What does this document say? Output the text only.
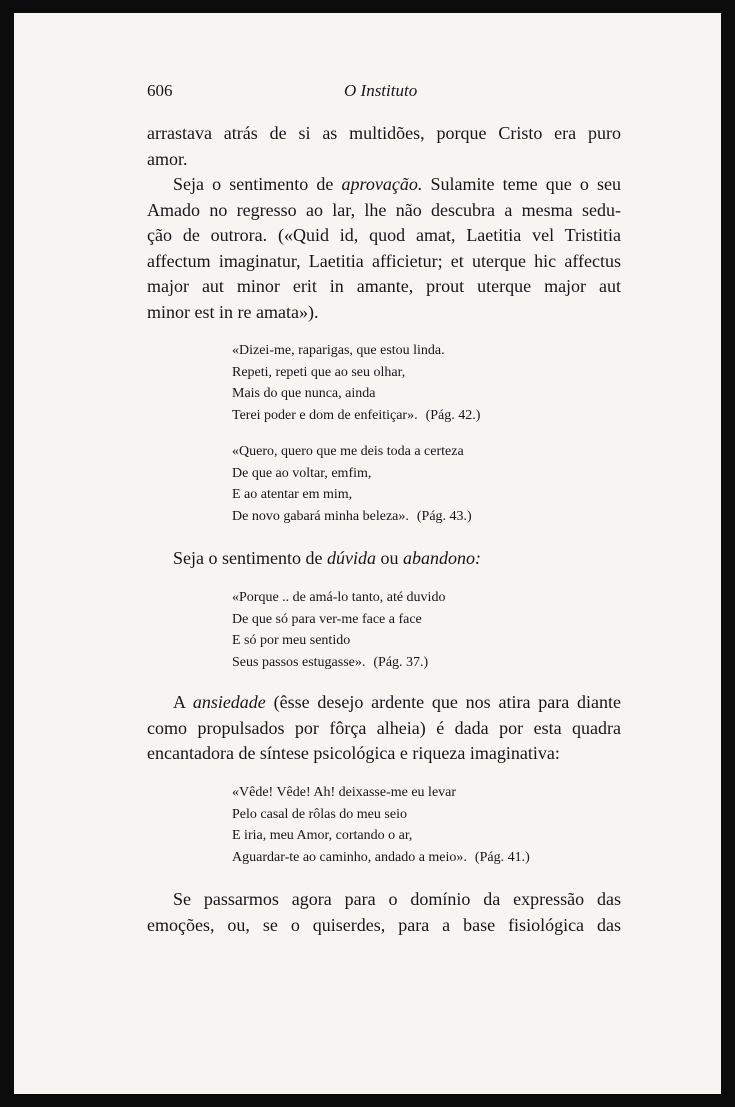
606	O Instituto
arrastava atrás de si as multidões, porque Cristo era puro
amor.
Seja o sentimento de aprovação. Sulamite teme que o seu
Amado no regresso ao lar, lhe não descubra a mesma sedu-
ção de outrora. («Quid id, quod amat, Laetitia vel Tristitia
affectum imaginatur, Laetitia afficietur; et uterque hic affectus
major aut minor erit in amante, prout uterque major aut
minor est in re amata»).
«Dizei-me, raparigas, que estou linda.
Repeti, repeti que ao seu olhar,
Mais do que nunca, ainda
Terei poder e dom de enfeitiçar». (Pág. 42.)
«Quero, quero que me deis toda a certeza
De que ao voltar, emfim,
E ao atentar em mim,
De novo gabará minha beleza». (Pág. 43.)
Seja o sentimento de dúvida ou abandono:
«Porque .. de amá-lo tanto, até duvido
De que só para ver-me face a face
E só por meu sentido
Seus passos estugasse». (Pág. 37.)
A ansiedade (êsse desejo ardente que nos atira para diante
como propulsados por fôrça alheia) é dada por esta quadra
encantadora de síntese psicológica e riqueza imaginativa:
«Vêde! Vêde! Ah! deixasse-me eu levar
Pelo casal de rôlas do meu seio
E iria, meu Amor, cortando o ar,
Aguardar-te ao caminho, andado a meio». (Pág. 41.)
Se passarmos agora para o domínio da expressão das
emoções, ou, se o quiserdes, para a base fisiológica das
